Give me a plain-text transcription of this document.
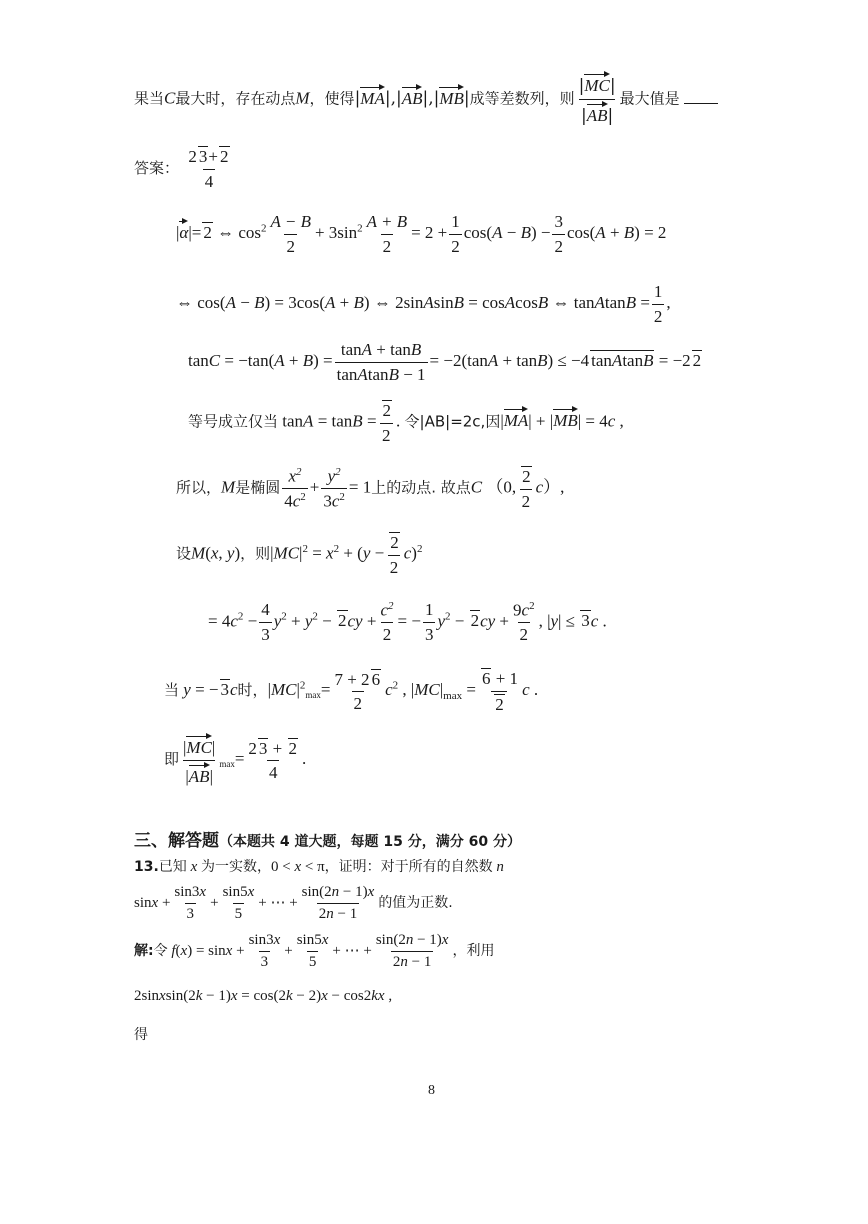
果当C最大时，存在动点M，使得|MA|,|AB|,|MB|成等差数列，则 $\frac{|MC|}{|AB|}$ 最大值是
答案： $\frac{2 3+ 2}{4}$
|α|= 2 ⇔ $\cos^2 \frac{A - B}{2} + 3\sin^2 \frac{A + B}{2} = 2 + \frac{1}{2} \cos(A - B) - \frac{3}{2} \cos(A + B) = 2$
⇔ cos(A − B) = 3cos(A + B) ⇔ 2sinAsinB = cosAcosB ⇔ tanAtanB = $\frac{1}{2}$ ,
$\tan C = -\tan(A + B) = \frac{\tan A + \tan B}{\text{tanAtanB − 1}} = -2(\tan A + \tan B) \le -4$ tanAtanB = −2 2
等号成立仅当 $\tan A = \tan B = \frac{2}{2}$ . 令|AB|=2c,因|MA| + |MB| = 4c ,
所以，M是椭圆 $\frac{x^2}{4c^2} + \frac{y^2}{3c^2} = 1$上的动点. 故点C （0, $\frac{2}{2} c$）,
设M(x, y)，则$|MC|^2 = x^2 + (y - \frac{2}{2} c)^2$
= $4c^2 - \frac{4}{3} y^2 + y^2 - 2cy + \frac{c^2}{2}$ = − $\frac{1}{3} y^2 - 2cy + \frac{9c^2}{2}$ , |y| ≤ 3c .
当 y = − 3c时，$|MC|^2\max= \frac{7 + 2 6}{2} c^2$ , $|MC|_{max} = \frac{6 + 1}{2}$ c .
即 $\frac{|MC|}{|AB|} \max= \frac{2 3 + 2}{4}$ .
三、解答题（本题共 4 道大题，每题 15 分，满分 60 分）
13.已知 x 为一实数，0 < x < π，证明：对于所有的自然数 n
$\sin x + \frac{\sin 3x}{3} + \frac{\sin 5x}{5}$ + ⋯ + $\frac{\sin(2n - 1)x}{2n - 1}$ 的值为正数.
解:令 $f(x) = \sin x + \frac{\sin 3x}{3} + \frac{\sin 5x}{5}$ + ⋯ + $\frac{\sin(2n - 1)x}{2n - 1}$ ，利用
2sinxsin(2k − 1)x = cos(2k − 2)x − cos2kx ,
得
8
